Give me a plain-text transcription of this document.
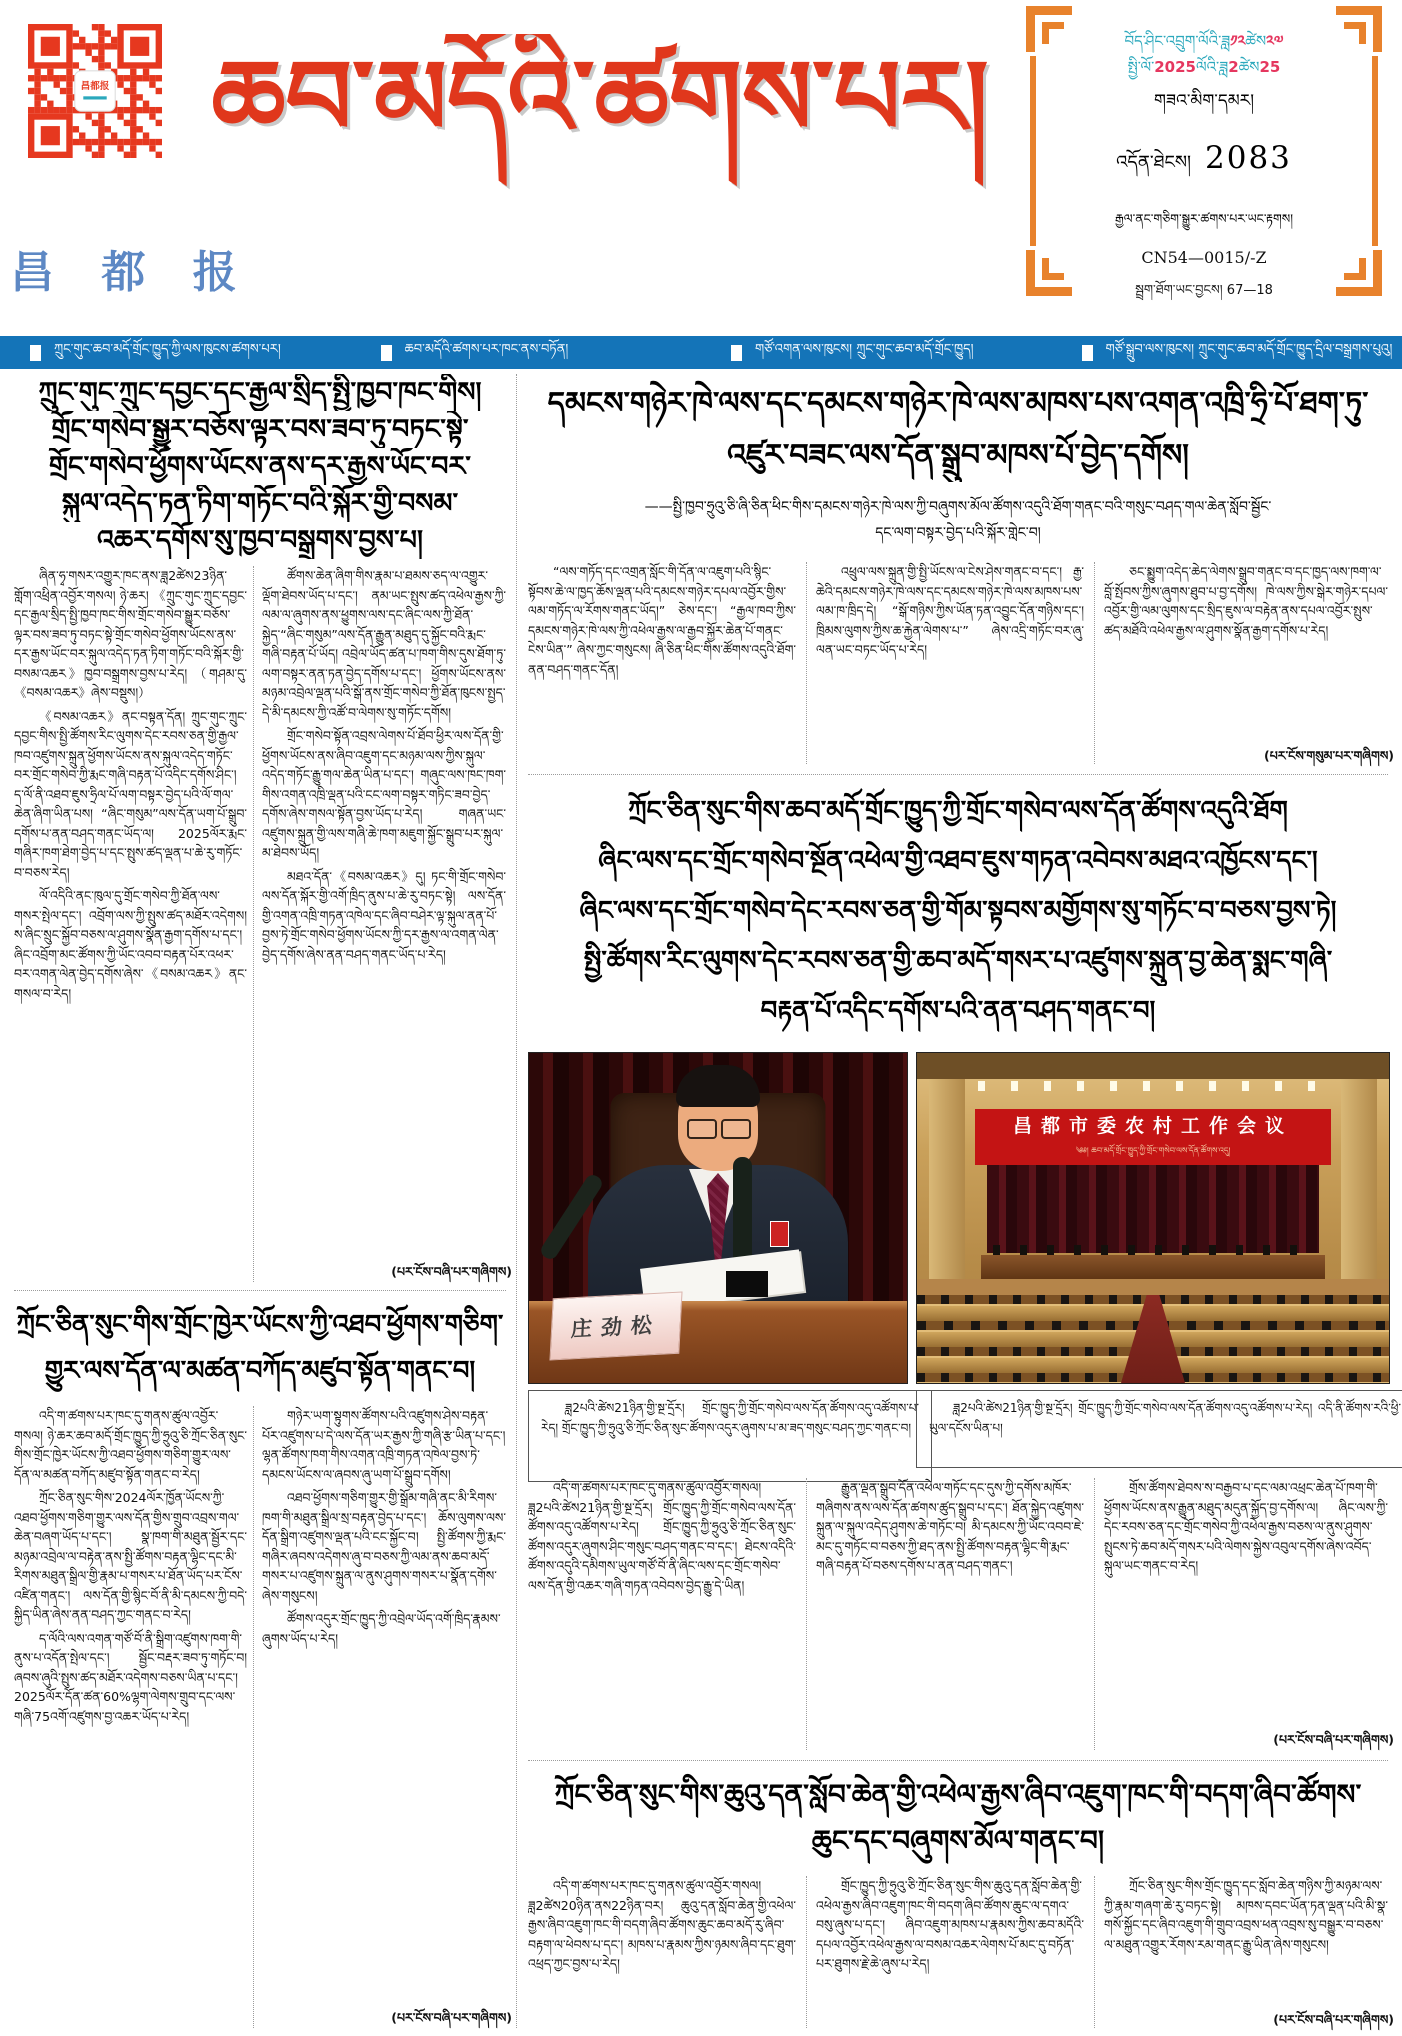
昌都报
昌 都 报
ཆབ་མདོའི་ཚགས་པར།	བོད་ཤིང་འབྲུག་ལོའི་ཟླ༡༢ཚེས༢༧
སྤྱི་ལོ་2025ལོའི་ཟླ2ཚེས25
གཟའ་མིག་དམར།
འདོན་ཐེངས། 2083
རྒྱལ་ནང་གཅིག་སྒྱུར་ཚགས་པར་ཡང་རྟགས།
CN54—0015/-Z
སྦྲག་ཐོག་ཡང་བྱངས། 67—18
ཀྲུང་གུང་ཆབ་མདོ་གྲོང་ཁྱུད་ཀྱི་ལས་ཁུངས་ཚགས་པར།	ཆབ་མདོའི་ཚགས་པར་ཁང་ནས་བཏོན།	གཙོ་འགན་ལས་ཁུངས། ཀྲུང་གུང་ཆབ་མདོ་གྲོང་ཁྱུད།	གཙོ་སྒྲུབ་ལས་ཁུངས། ཀྲུང་གུང་ཆབ་མདོ་གྲོང་ཁྱུད་དྲིལ་བསྒྲགས་པུའུ།
ཀྲུང་གུང་ཀྲུང་དབྱང་དང་རྒྱལ་སྲིད་སྤྱི་ཁྱབ་ཁང་གིས།
གྲོང་གསེབ་སྒྱུར་བཅོས་ལྟར་བས་ཟབ་ཏུ་བཏང་སྟེ་
གྲོང་གསེབ་ཕྱོགས་ཡོངས་ནས་དར་རྒྱས་ཡོང་བར་
སྐུལ་འདེད་ཏན་ཏིག་གཏོང་བའི་སྐོར་གྱི་བསམ་
འཆར་དགོས་སུ་ཁྱབ་བསྒྲགས་བྱས་པ།

ཞིན་ཧྭ་གསར་འགྱུར་ཁང་ནས་ཟླ2ཚེས23ཉིན་གློག་འཕྲིན་འབྱོར་གསལ། ཉེ་ཆར། 《ཀྲུང་གུང་ཀྲུང་དབྱང་དང་རྒྱལ་སྲིད་སྤྱི་ཁྱབ་ཁང་གིས་གྲོང་གསེབ་སྒྱུར་བཅོས་ལྟར་བས་ཟབ་ཏུ་བཏང་སྟེ་གྲོང་གསེབ་ཕྱོགས་ཡོངས་ནས་དར་རྒྱས་ཡོང་བར་སྐུལ་འདེད་ཏན་ཏིག་གཏོང་བའི་སྐོར་གྱི་བསམ་འཆར》ཁྱབ་བསྒྲགས་བྱས་པ་རེད། （གཤམ་དུ་《བསམ་འཆར》ཞེས་བསྡུས།）

《བསམ་འཆར》ནང་བསྟན་དོན། ཀྲུང་གུང་ཀྲུང་དབྱང་གིས་སྤྱི་ཚོགས་རིང་ལུགས་དེང་རབས་ཅན་གྱི་རྒྱལ་ཁབ་འཛུགས་སྐྲུན་ཕྱོགས་ཡོངས་ནས་སྐུལ་འདེད་གཏོང་བར་གྲོང་གསེབ་ཀྱི་རྨང་གཞི་བརྟན་པོ་འདིང་དགོས་ཤིང་། ད་ལོ་ནི་འཐབ་ཇུས་ཧྲིལ་པོ་ལག་བསྟར་བྱེད་པའི་ལོ་གལ་ཆེན་ཞིག་ཡིན་པས། “ཞིང་གསུམ”ལས་དོན་ཡག་པོ་སྒྲུབ་དགོས་པ་ནན་བཤད་གནང་ཡོད་ལ། 2025ལོར་རྨང་གཞིར་ཁག་ཐེག་བྱེད་པ་དང་སྤུས་ཚད་ལྡན་པ་ཆེ་རུ་གཏོང་བ་བཅས་རེད།

ལོ་འདིའི་ནང་ཁུལ་དུ་གྲོང་གསེབ་ཀྱི་ཐོན་ལས་གསར་སྤེལ་དང་། འབྲོག་ལས་ཀྱི་སྤུས་ཚད་མཐོར་འདེགས། ས་ཞིང་སྲུང་སྐྱོབ་བཅས་ལ་ཤུགས་སྣོན་རྒྱག་དགོས་པ་དང་། ཞིང་འབྲོག་མང་ཚོགས་ཀྱི་ཡོང་འབབ་བརྟན་པོར་འཕར་བར་འགན་ལེན་བྱེད་དགོས་ཞེས་《བསམ་འཆར》ནང་གསལ་བ་རེད།

ཚོགས་ཆེན་ཞིག་གིས་རྣམ་པ་ཐམས་ཅད་ལ་འགྱུར་ལྡོག་ཐེབས་ཡོད་པ་དང་། ནམ་ཡང་སྤུས་ཚད་འཕེལ་རྒྱས་ཀྱི་ལམ་ལ་ཞུགས་ནས་ཕྱུགས་ལས་དང་ཞིང་ལས་ཀྱི་ཐོན་སྐྱེད་“ཞིང་གསུམ”ལས་དོན་རྒྱུན་མཐུད་དུ་སྐྱོང་བའི་རྨང་གཞི་བརྟན་པོ་ཡོད། འབྲེལ་ཡོད་ཚན་པ་ཁག་གིས་དུས་ཐོག་ཏུ་ལག་བསྟར་ནན་ཏན་བྱེད་དགོས་པ་དང་། ཕྱོགས་ཡོངས་ནས་མཉམ་འབྲེལ་ལྡན་པའི་སྒོ་ནས་གྲོང་གསེབ་ཀྱི་ཐོན་ཁུངས་སྤྱད་དེ་མི་དམངས་ཀྱི་འཚོ་བ་ལེགས་སུ་གཏོང་དགོས།

གྲོང་གསེབ་སྟོན་འབྲས་ལེགས་པོ་ཐོབ་ཕྱིར་ལས་དོན་གྱི་ཕྱོགས་ཡོངས་ནས་ཞིབ་འཇུག་དང་མཉམ་ལས་ཀྱིས་སྐུལ་འདེད་གཏོང་རྒྱུ་གལ་ཆེན་ཡིན་པ་དང་། གཞུང་ལས་ཁང་ཁག་གིས་འགན་འཁྲི་ལྡན་པའི་ངང་ལག་བསྟར་གཏིང་ཟབ་བྱེད་དགོས་ཞེས་གསལ་སྟོན་བྱས་ཡོད་པ་རེད། གཞན་ཡང་འཛུགས་སྐྲུན་གྱི་ལས་གཞི་ཆེ་ཁག་མཇུག་སྐྱོང་སྒྲུབ་པར་སྐུལ་མ་ཐེབས་ཡོད།

མཐའ་དོན་《བསམ་འཆར》དུ། ཏང་གི་གྲོང་གསེབ་ལས་དོན་སྐོར་གྱི་འགོ་ཁྲིད་ནུས་པ་ཆེ་རུ་བཏང་སྟེ། ལས་དོན་གྱི་འགན་འཁྲི་གཏན་འཁེལ་དང་ཞིབ་བཤེར་ལྟ་སྐུལ་ནན་པོ་བྱས་ཏེ་གྲོང་གསེབ་ཕྱོགས་ཡོངས་ཀྱི་དར་རྒྱས་ལ་འགན་ལེན་བྱེད་དགོས་ཞེས་ནན་བཤད་གནང་ཡོད་པ་རེད།

(པར་ངོས་བཞི་པར་གཞིགས)
ཀྲོང་ཅིན་སུང་གིས་གྲོང་ཁྱེར་ཡོངས་ཀྱི་འཐབ་ཕྱོགས་གཅིག་
གྱུར་ལས་དོན་ལ་མཚན་བཀོད་མཛུབ་སྟོན་གནང་བ།

འདི་ག་ཚགས་པར་ཁང་དུ་གནས་ཚུལ་འབྱོར་གསལ། ཉེ་ཆར་ཆབ་མདོ་གྲོང་ཁྱུད་ཀྱི་ཧྲུའུ་ཅི་ཀྲོང་ཅིན་སུང་གིས་གྲོང་ཁྱེར་ཡོངས་ཀྱི་འཐབ་ཕྱོགས་གཅིག་གྱུར་ལས་དོན་ལ་མཚན་བཀོད་མཛུབ་སྟོན་གནང་བ་རེད།

ཀྲོང་ཅིན་སུང་གིས་2024ལོར་ཁྱོན་ཡོངས་ཀྱི་འཐབ་ཕྱོགས་གཅིག་གྱུར་ལས་དོན་གྱིས་གྲུབ་འབྲས་གལ་ཆེན་བཞག་ཡོད་པ་དང་། སྣ་ཁག་གི་མཐུན་སྦྱོར་དང་མཉམ་འབྲེལ་ལ་བརྟེན་ནས་སྤྱི་ཚོགས་བརྟན་ལྷིང་དང་མི་རིགས་མཐུན་སྒྲིལ་གྱི་རྣམ་པ་གསར་པ་ཐོན་ཡོད་པར་ངོས་འཛིན་གནང་། ལས་དོན་གྱི་སྙིང་བོ་ནི་མི་དམངས་ཀྱི་བདེ་སྐྱིད་ཡིན་ཞེས་ནན་བཤད་ཀྱང་གནང་བ་རེད།

ད་ལོའི་ལས་འགན་གཙོ་བོ་ནི་སྒྲིག་འཛུགས་ཁག་གི་ནུས་པ་འདོན་སྤེལ་དང་། སྦྱོང་བརྡར་ཟབ་ཏུ་གཏོང་བ། ཞབས་ཞུའི་སྤུས་ཚད་མཐོར་འདེགས་བཅས་ཡིན་པ་དང་། 2025ལོར་དོན་ཚན་60%ལྷག་ལེགས་གྲུབ་དང་ལས་གཞི་75འགོ་འཛུགས་བྱ་འཆར་ཡོད་པ་རེད།

གཉེར་ཡག་སྟུགས་ཚོགས་པའི་འཛུགས་ཤེས་བརྟན་པོར་འཛུགས་པ་དེ་ལས་དོན་ཡར་རྒྱས་ཀྱི་གཞི་རྩ་ཡིན་པ་དང་། ལྷན་ཚོགས་ཁག་གིས་འགན་འཁྲི་གཏན་འཁེལ་བྱས་ཏེ་དམངས་ཡོངས་ལ་ཞབས་ཞུ་ཡག་པོ་སྒྲུབ་དགོས།

འཐབ་ཕྱོགས་གཅིག་གྱུར་གྱི་སྒྲོམ་གཞི་ནང་མི་རིགས་ཁག་གི་མཐུན་སྒྲིལ་སྲ་བརྟན་བྱེད་པ་དང་། ཆོས་ལུགས་ལས་དོན་སྒྲིག་འཛུགས་ལྡན་པའི་ངང་སྐྱོང་བ། སྤྱི་ཚོགས་ཀྱི་རྨང་གཞིར་ཞབས་འདེགས་ཞུ་བ་བཅས་ཀྱི་ལམ་ནས་ཆབ་མདོ་གསར་པ་འཛུགས་སྐྲུན་ལ་ནུས་ཤུགས་གསར་པ་སྣོན་དགོས་ཞེས་གསུངས།

ཚོགས་འདུར་གྲོང་ཁྱུད་ཀྱི་འབྲེལ་ཡོད་འགོ་ཁྲིད་རྣམས་ཞུགས་ཡོད་པ་རེད།

(པར་ངོས་བཞི་པར་གཞིགས)
དམངས་གཉེར་ཁེ་ལས་དང་དམངས་གཉེར་ཁེ་ལས་མཁས་པས་འགན་འཁྲི་ཧྲི་པོ་ཐག་ཏུ་
འཛུར་བཟང་ལས་དོན་སྒྲུབ་མཁས་པོ་བྱེད་དགོས།
——སྤྱི་ཁྱབ་ཧྲུའུ་ཅི་ཞི་ཅིན་ཕིང་གིས་དམངས་གཉེར་ཁེ་ལས་ཀྱི་བཞུགས་མོལ་ཚོགས་འདུའི་ཐོག་གནང་བའི་གསུང་བཤད་གལ་ཆེན་སློབ་སྦྱོང་
དང་ལག་བསྟར་བྱེད་པའི་སྐོར་གླེང་བ།

“ལས་གཏོད་དང་འགྲན་སློང་གི་དོན་ལ་འཇུག་པའི་སྙིང་སྟོབས་ཆེ་ལ་ཁྱད་ཆོས་ལྡན་པའི་དམངས་གཉེར་དཔལ་འབྱོར་གྱིས་ལམ་གཏོད་ལ་རོགས་གནང་ཡོད།” ཅེས་དང་། “རྒྱལ་ཁབ་ཀྱིས་དམངས་གཉེར་ཁེ་ལས་ཀྱི་འཕེལ་རྒྱས་ལ་རྒྱབ་སྐྱོར་ཆེན་པོ་གནང་ངེས་ཡིན་” ཞེས་ཀྱང་གསུངས། ཞི་ཅིན་ཕིང་གིས་ཚོགས་འདུའི་ཐོག་ནན་བཤད་གནང་དོན།

འཕྲུལ་ལས་སྐྲུན་གྱི་སྤྱི་ཡོངས་ལ་ངེས་ཤེས་གནང་བ་དང་། རྒྱ་ཆེའི་དམངས་གཉེར་ཁེ་ལས་དང་དམངས་གཉེར་ཁེ་ལས་མཁས་པས་ལམ་ཁ་ཁྲིད་དེ། “སྒོ་གཉིས་ཀྱིས་ཡོན་ཏན་འབྱུང་དོན་གཉིས་དང་། ཁྲིམས་ལུགས་ཀྱིས་ཆ་རྐྱེན་ལེགས་པ་” ཞེས་འདྲི་གཏོང་བར་ཞུ་ལན་ཡང་བཏང་ཡོད་པ་རེད།

ཅང་སྨྱུག་འདེད་ཆེད་ལེགས་སྒྲུབ་གནང་བ་དང་ཁྱད་ལས་ཁག་ལ་བློ་སྤོབས་ཀྱིས་ཞུགས་ཐུབ་པ་བྱ་དགོས། ཁེ་ལས་ཀྱིས་སྒེར་གཉེར་དཔལ་འབྱོར་གྱི་ལམ་ལུགས་དང་སྲིད་ཇུས་ལ་བརྟེན་ནས་དཔལ་འབྱོར་སྤུས་ཚད་མཐོའི་འཕེལ་རྒྱས་ལ་ཤུགས་སྣོན་རྒྱག་དགོས་པ་རེད།

(པར་ངོས་གསུམ་པར་གཞིགས)
ཀྲོང་ཅིན་སུང་གིས་ཆབ་མདོ་གྲོང་ཁྱུད་ཀྱི་གྲོང་གསེབ་ལས་དོན་ཚོགས་འདུའི་ཐོག
ཞིང་ལས་དང་གྲོང་གསེབ་སྔོན་འཕེལ་གྱི་འཐབ་ཇུས་གཏན་འབེབས་མཐའ་འཁྱོངས་དང་།
ཞིང་ལས་དང་གྲོང་གསེབ་དེང་རབས་ཅན་གྱི་གོམ་སྟབས་མགྱོགས་སུ་གཏོང་བ་བཅས་བྱས་ཏེ།
སྤྱི་ཚོགས་རིང་ལུགས་དེང་རབས་ཅན་གྱི་ཆབ་མདོ་གསར་པ་འཛུགས་སྐྲུན་བྱ་ཆེན་སྨང་གཞི་
བརྟན་པོ་འདིང་དགོས་པའི་ནན་བཤད་གནང་བ།
庄劲松
昌都市委农村工作会议
༄༅། ཆབ་མདོ་གྲོང་ཁྱུད་ཀྱི་གྲོང་གསེབ་ལས་དོན་ཚོགས་འདུ།

ཟླ2པའི་ཚེས21ཉིན་གྱི་སྔ་དྲོར། གྲོང་ཁྱུད་ཀྱི་གྲོང་གསེབ་ལས་དོན་ཚོགས་འདུ་འཚོགས་པ་རེད། གྲོང་ཁྱུད་ཀྱི་ཧྲུའུ་ཅི་ཀྲོང་ཅིན་སུང་ཚོགས་འདུར་ཞུགས་པ་མ་ཟད་གསུང་བཤད་ཀྱང་གནང་བ།

ཟླ2པའི་ཚེས21ཉིན་གྱི་སྔ་དྲོར། གྲོང་ཁྱུད་ཀྱི་གྲོང་གསེབ་ལས་དོན་ཚོགས་འདུ་འཚོགས་པ་རེད། འདི་ནི་ཚོགས་རའི་ཕྱི་ཡུལ་དངོས་ཡིན་པ།

འདི་ག་ཚགས་པར་ཁང་དུ་གནས་ཚུལ་འབྱོར་གསལ། ཟླ2པའི་ཚེས21ཉིན་གྱི་སྔ་དྲོར། གྲོང་ཁྱུད་ཀྱི་གྲོང་གསེབ་ལས་དོན་ཚོགས་འདུ་འཚོགས་པ་རེད། གྲོང་ཁྱུད་ཀྱི་ཧྲུའུ་ཅི་ཀྲོང་ཅིན་སུང་ཚོགས་འདུར་ཞུགས་ཤིང་གསུང་བཤད་གནང་བ་དང་། ཐེངས་འདིའི་ཚོགས་འདུའི་དམིགས་ཡུལ་གཙོ་བོ་ནི་ཞིང་ལས་དང་གྲོང་གསེབ་ལས་དོན་གྱི་འཆར་གཞི་གཏན་འབེབས་བྱེད་རྒྱུ་དེ་ཡིན།

རྒྱུན་ལྡན་སྒྲུབ་དོན་འཕེལ་གཏོང་དང་དུས་ཀྱི་དགོས་མཁོར་གཞིགས་ནས་ལས་དོན་ཚགས་ཚུད་སྒྲུབ་པ་དང་། ཐོན་སྐྱེད་འཛུགས་སྐྲུན་ལ་སྐུལ་འདེད་ཤུགས་ཆེ་གཏོང་བ། མི་དམངས་ཀྱི་ཡོང་འབབ་ཇེ་མང་དུ་གཏོང་བ་བཅས་ཀྱི་ཐད་ནས་སྤྱི་ཚོགས་བརྟན་ལྷིང་གི་རྨང་གཞི་བརྟན་པོ་བཅས་དགོས་པ་ནན་བཤད་གནང་།

གྲོས་ཚོགས་ཐེབས་ས་བརྒྱབ་པ་དང་ལམ་འཕྲང་ཆེན་པོ་ཁག་གི་ཕྱོགས་ཡོངས་ནས་རྒྱུན་མཐུད་མདུན་སྐྱོད་བྱ་དགོས་ལ། ཞིང་ལས་ཀྱི་དེང་རབས་ཅན་དང་གྲོང་གསེབ་ཀྱི་འཕེལ་རྒྱས་བཅས་ལ་ནུས་ཤུགས་སྤུངས་ཏེ་ཆབ་མདོ་གསར་པའི་ལེགས་སྐྱེས་འབུལ་དགོས་ཞེས་འབོད་སྐུལ་ཡང་གནང་བ་རེད།

(པར་ངོས་བཞི་པར་གཞིགས)
ཀྲོང་ཅིན་སུང་གིས་ཆུའུ་དན་སློབ་ཆེན་གྱི་འཕེལ་རྒྱས་ཞིབ་འཇུག་ཁང་གི་བདག་ཞིབ་ཚོགས་
ཆུང་དང་བཞུགས་མོལ་གནང་བ།

འདི་ག་ཚགས་པར་ཁང་དུ་གནས་ཚུལ་འབྱོར་གསལ། ཟླ2ཚེས20ཉིན་ནས22ཉིན་བར། ཆུའུ་དན་སློབ་ཆེན་གྱི་འཕེལ་རྒྱས་ཞིབ་འཇུག་ཁང་གི་བདག་ཞིབ་ཚོགས་ཆུང་ཆབ་མདོ་རུ་ཞིབ་བརྟག་ལ་ཕེབས་པ་དང་། མཁས་པ་རྣམས་ཀྱིས་ཉམས་ཞིབ་དང་ཐུག་འཕྲད་ཀྱང་བྱས་པ་རེད།

གྲོང་ཁྱུད་ཀྱི་ཧྲུའུ་ཅི་ཀྲོང་ཅིན་སུང་གིས་ཆུའུ་དན་སློབ་ཆེན་གྱི་འཕེལ་རྒྱས་ཞིབ་འཇུག་ཁང་གི་བདག་ཞིབ་ཚོགས་ཆུང་ལ་དགའ་བསུ་ཞུས་པ་དང་། ཞིབ་འཇུག་མཁས་པ་རྣམས་ཀྱིས་ཆབ་མདོའི་དཔལ་འབྱོར་འཕེལ་རྒྱས་ལ་བསམ་འཆར་ལེགས་པོ་མང་དུ་བཏོན་པར་ཐུགས་རྗེ་ཆེ་ཞུས་པ་རེད།

ཀྲོང་ཅིན་སུང་གིས་གྲོང་ཁྱུད་དང་སློབ་ཆེན་གཉིས་ཀྱི་མཉམ་ལས་ཀྱི་རྣམ་གཞག་ཆེ་རུ་བཏང་སྟེ། མཁས་དབང་ཡོན་ཏན་ལྡན་པའི་མི་སྣ་གསོ་སྐྱོང་དང་ཞིབ་འཇུག་གི་གྲུབ་འབྲས་ཕན་འབྲས་སུ་བསྒྱུར་བ་བཅས་ལ་མཐུན་འགྱུར་རོགས་རམ་གནང་རྒྱུ་ཡིན་ཞེས་གསུངས།

(པར་ངོས་བཞི་པར་གཞིགས)
